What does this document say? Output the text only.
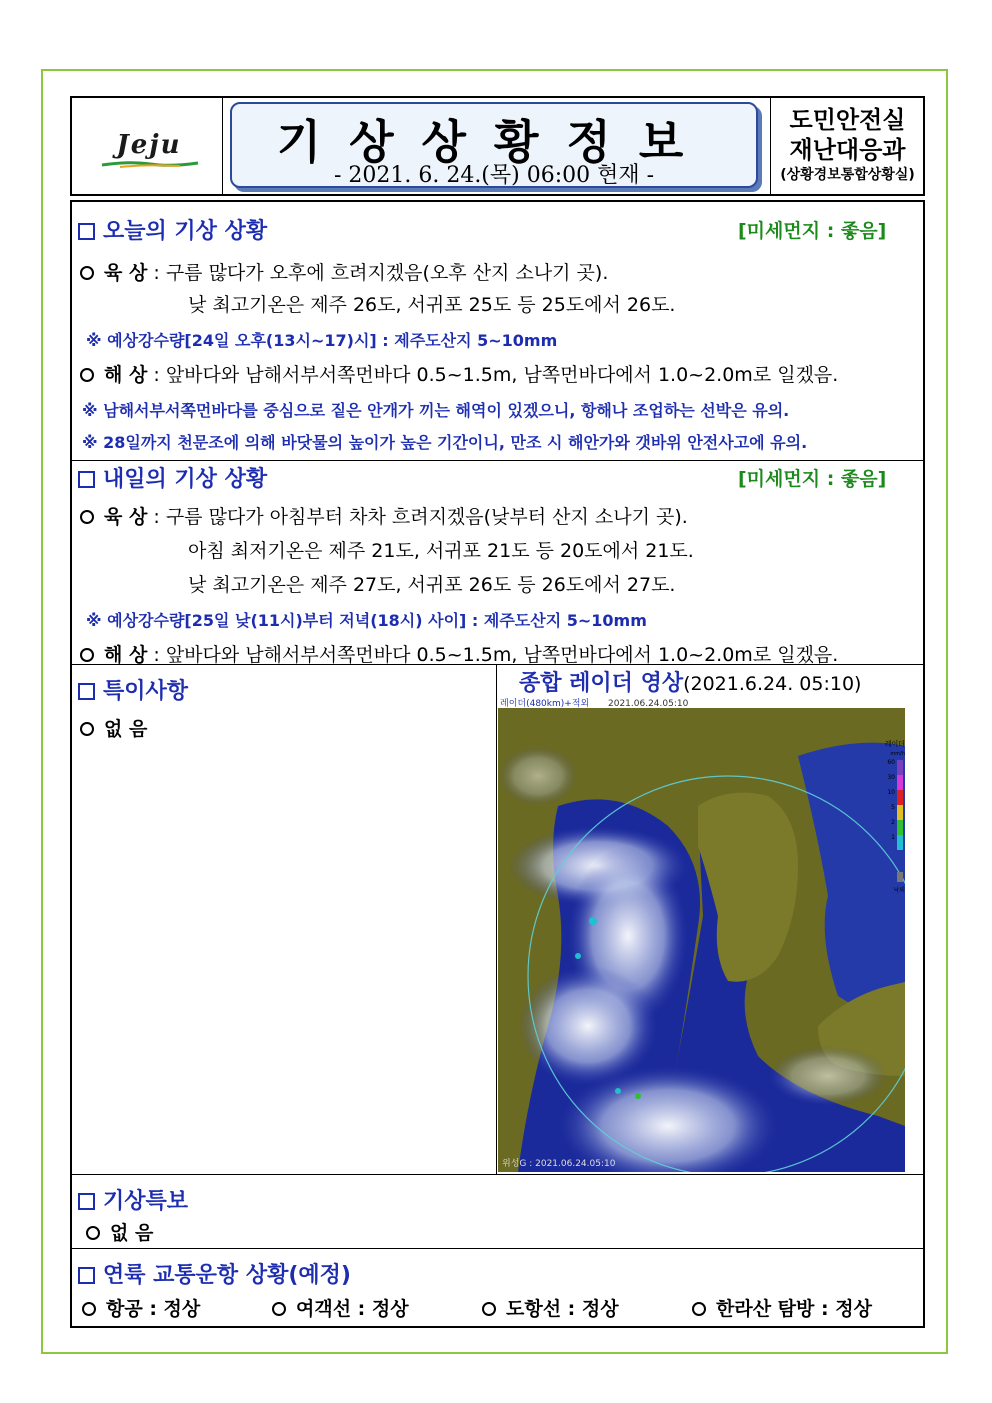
Jeju	기상상황정보
- 2021. 6. 24.(목) 06:00 현재 -
도민안전실
재난대응과
(상황경보통합상황실)
오늘의 기상 상황	[미세먼지 : 좋음]
육 상 : 구름 많다가 오후에 흐려지겠음(오후 산지 소나기 곳).
낮 최고기온은 제주 26도, 서귀포 25도 등 25도에서 26도.
※ 예상강수량[24일 오후(13시~17)시] : 제주도산지 5~10mm
해 상 : 앞바다와 남해서부서쪽먼바다 0.5~1.5m, 남쪽먼바다에서 1.0~2.0m로 일겠음.
※ 남해서부서쪽먼바다를 중심으로 짙은 안개가 끼는 해역이 있겠으니, 항해나 조업하는 선박은 유의.
※ 28일까지 천문조에 의해 바닷물의 높이가 높은 기간이니, 만조 시 해안가와 갯바위 안전사고에 유의.
내일의 기상 상황	[미세먼지 : 좋음]
육 상 : 구름 많다가 아침부터 차차 흐려지겠음(낮부터 산지 소나기 곳).
아침 최저기온은 제주 21도, 서귀포 21도 등 20도에서 21도.
낮 최고기온은 제주 27도, 서귀포 26도 등 26도에서 27도.
※ 예상강수량[25일 낮(11시)부터 저녁(18시) 사이] : 제주도산지 5~10mm
해 상 : 앞바다와 남해서부서쪽먼바다 0.5~1.5m, 남쪽먼바다에서 1.0~2.0m로 일겠음.
특이사항
없 음
종합 레이더 영상(2021.6.24. 05:10)
레이더(480km)+적외 2021.06.24.05:10
위성G : 2021.06.24.05:10
레이더
mm/h
60
30
10
5
2
1
낙뢰
기상특보
없 음
연륙 교통운항 상황(예정)
항공 : 정상	여객선 : 정상	도항선 : 정상	한라산 탐방 : 정상
